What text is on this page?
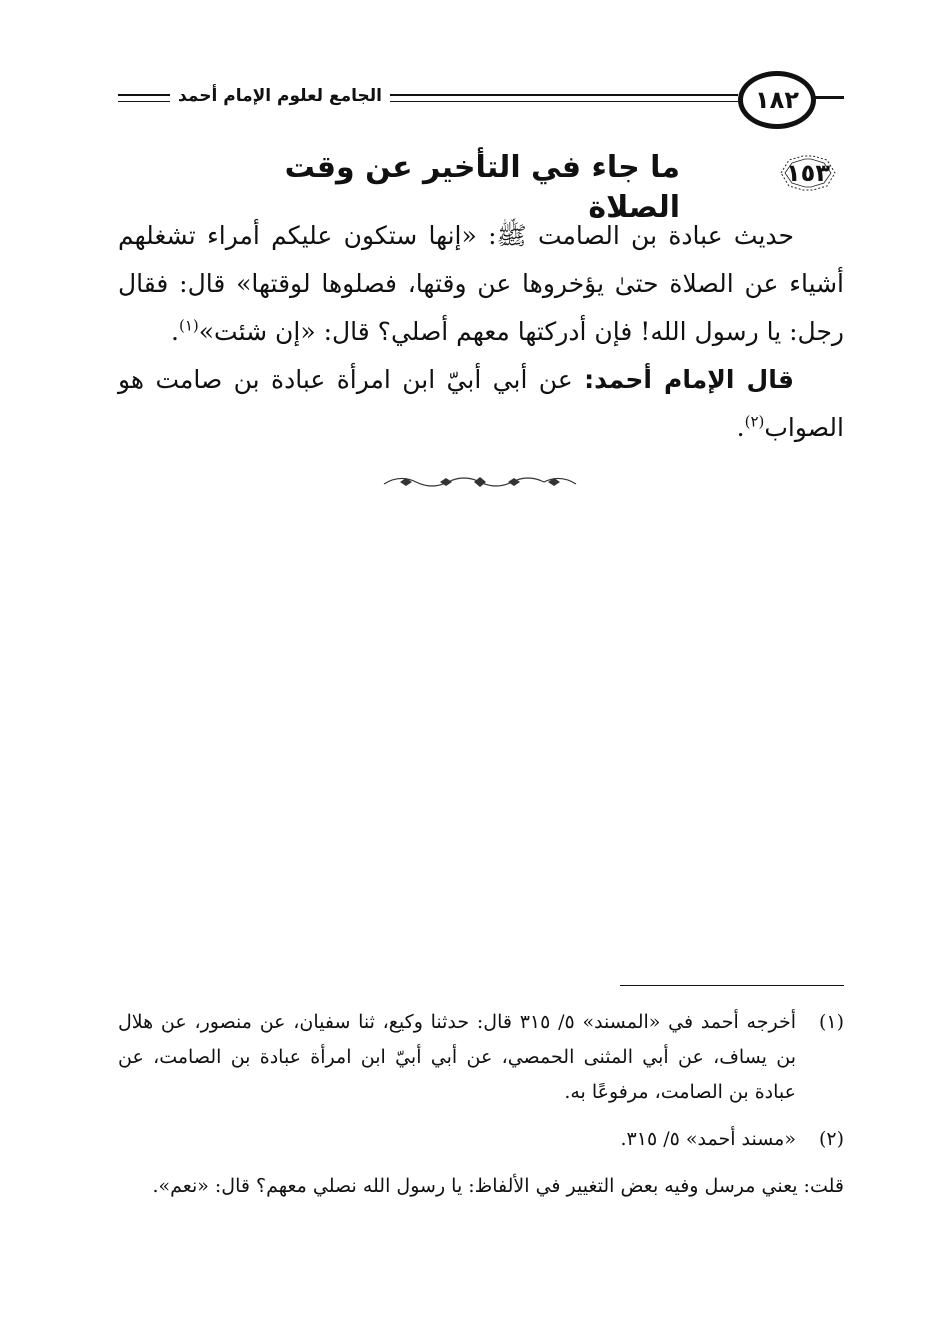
الجامع لعلوم الإمام أحمد	١٨٢
١٥٣
ما جاء في التأخير عن وقت الصلاة

حديث عبادة بن الصامت ﷺ: «إنها ستكون عليكم أمراء تشغلهم أشياء عن الصلاة حتىٰ يؤخروها عن وقتها، فصلوها لوقتها» قال: فقال رجل: يا رسول الله! فإن أدركتها معهم أصلي؟ قال: «إن شئت»$^{(١)}$.

قال الإمام أحمد: عن أبي أبيّ ابن امرأة عبادة بن صامت هو الصواب$^{(٢)}$.

(١)
أخرجه أحمد في «المسند» ٥/ ٣١٥ قال: حدثنا وكيع، ثنا سفيان، عن منصور، عن هلال بن يساف، عن أبي المثنى الحمصي، عن أبي أبيّ ابن امرأة عبادة بن الصامت، عن عبادة بن الصامت، مرفوعًا به.
(٢)
«مسند أحمد» ٥/ ٣١٥.
قلت: يعني مرسل وفيه بعض التغيير في الألفاظ: يا رسول الله نصلي معهم؟ قال: «نعم».
